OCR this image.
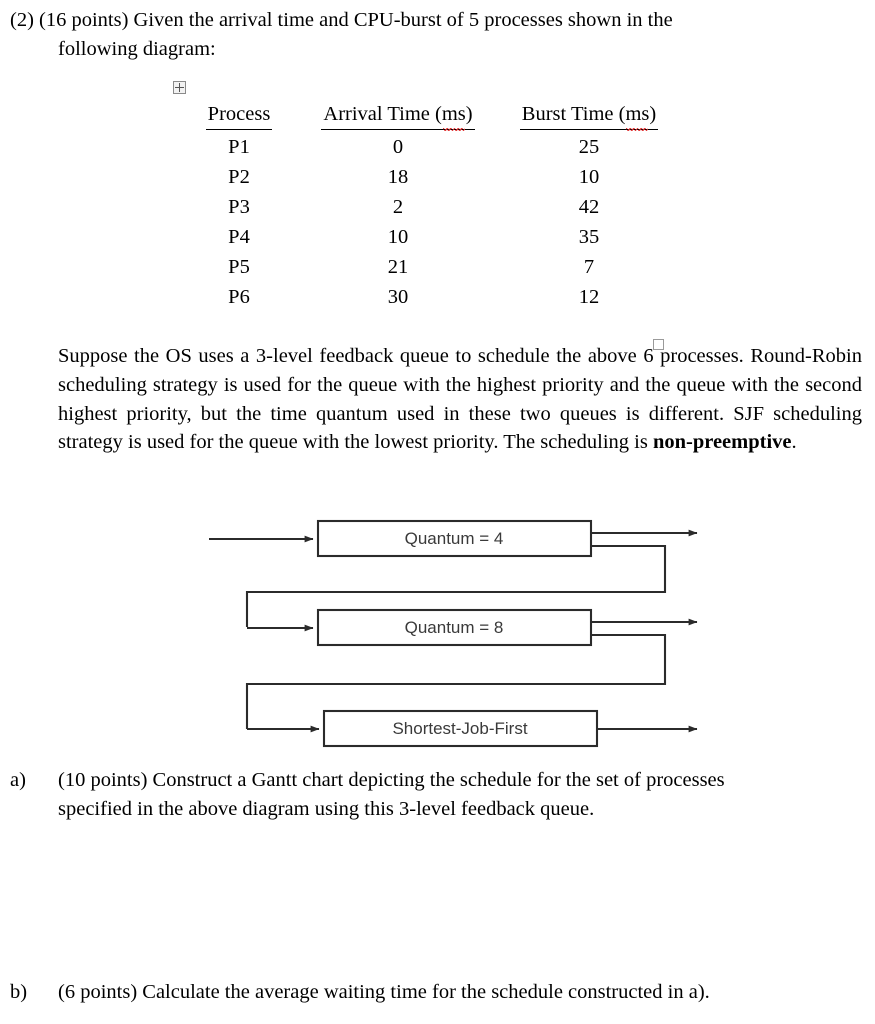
(2) (16 points) Given the arrival time and CPU-burst of 5 processes shown in the
following diagram:
Process	Arrival Time (ms)	Burst Time (ms)
P1	0	25
P2	18	10
P3	2	42
P4	10	35
P5	21	7
P6	30	12
Suppose the OS uses a 3-level feedback queue to schedule the above 6 processes. Round-Robin scheduling strategy is used for the queue with the highest priority and the queue with the second highest priority, but the time quantum used in these two queues is different. SJF scheduling strategy is used for the queue with the lowest priority. The scheduling is non-preemptive.
Quantum = 4
Quantum = 8
Shortest-Job-First
a)	(10 points) Construct a Gantt chart depicting the schedule for the set of processes
specified in the above diagram using this 3-level feedback queue.
b)	(6 points) Calculate the average waiting time for the schedule constructed in a).
